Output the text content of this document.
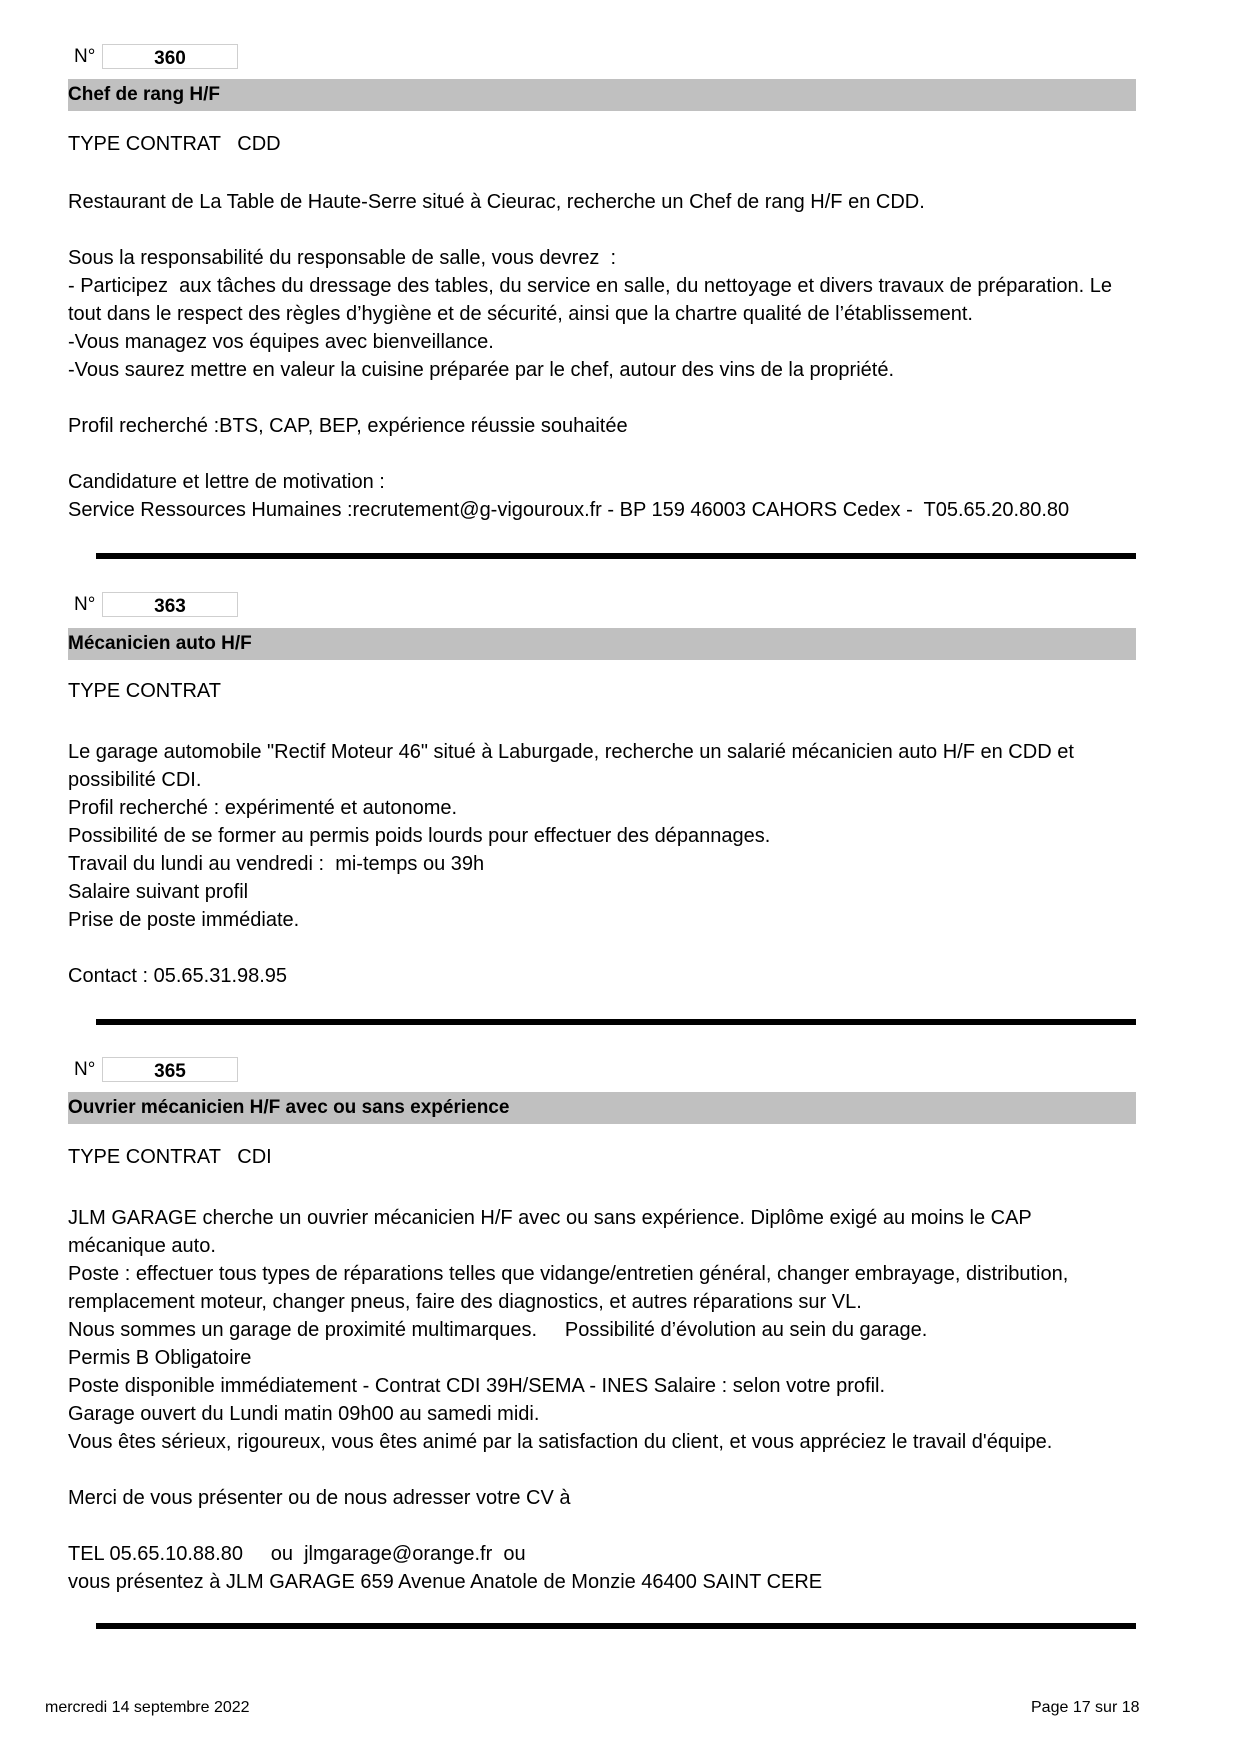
N°	360
Chef de rang H/F
TYPE CONTRAT   CDD
Restaurant de La Table de Haute-Serre situé à Cieurac, recherche un Chef de rang H/F en CDD.

Sous la responsabilité du responsable de salle, vous devrez  :
- Participez  aux tâches du dressage des tables, du service en salle, du nettoyage et divers travaux de préparation. Le
tout dans le respect des règles d’hygiène et de sécurité, ainsi que la chartre qualité de l’établissement.
-Vous managez vos équipes avec bienveillance.
-Vous saurez mettre en valeur la cuisine préparée par le chef, autour des vins de la propriété.

Profil recherché :BTS, CAP, BEP, expérience réussie souhaitée

Candidature et lettre de motivation :
Service Ressources Humaines :recrutement@g-vigouroux.fr - BP 159 46003 CAHORS Cedex -  T05.65.20.80.80
N°	363
Mécanicien auto H/F
TYPE CONTRAT
Le garage automobile "Rectif Moteur 46" situé à Laburgade, recherche un salarié mécanicien auto H/F en CDD et
possibilité CDI.
Profil recherché : expérimenté et autonome.
Possibilité de se former au permis poids lourds pour effectuer des dépannages.
Travail du lundi au vendredi :  mi-temps ou 39h
Salaire suivant profil
Prise de poste immédiate.

Contact : 05.65.31.98.95
N°	365
Ouvrier mécanicien H/F avec ou sans expérience
TYPE CONTRAT   CDI
JLM GARAGE cherche un ouvrier mécanicien H/F avec ou sans expérience. Diplôme exigé au moins le CAP
mécanique auto.
Poste : effectuer tous types de réparations telles que vidange/entretien général, changer embrayage, distribution,
remplacement moteur, changer pneus, faire des diagnostics, et autres réparations sur VL.
Nous sommes un garage de proximité multimarques.     Possibilité d’évolution au sein du garage.
Permis B Obligatoire
Poste disponible immédiatement - Contrat CDI 39H/SEMA - INES Salaire : selon votre profil.
Garage ouvert du Lundi matin 09h00 au samedi midi.
Vous êtes sérieux, rigoureux, vous êtes animé par la satisfaction du client, et vous appréciez le travail d'équipe.

Merci de vous présenter ou de nous adresser votre CV à

TEL 05.65.10.88.80     ou  jlmgarage@orange.fr  ou
vous présentez à JLM GARAGE 659 Avenue Anatole de Monzie 46400 SAINT CERE
mercredi 14 septembre 2022	Page 17 sur 18
